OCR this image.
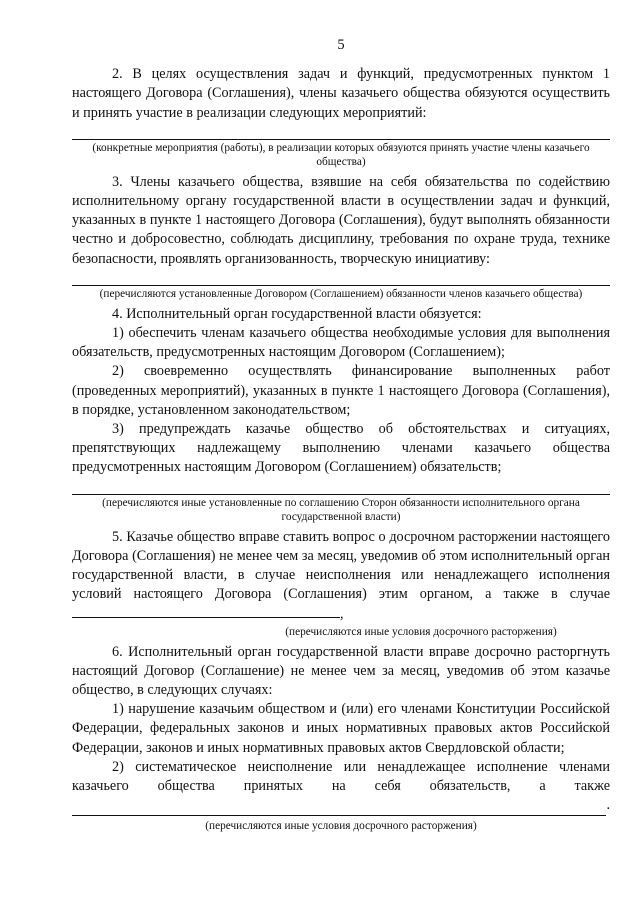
5

2. В целях осуществления задач и функций, предусмотренных пунктом 1 настоящего Договора (Соглашения), члены казачьего общества обязуются осуществить и принять участие в реализации следующих мероприятий:

(конкретные мероприятия (работы), в реализации которых обязуются принять участие члены казачьего общества)

3. Члены казачьего общества, взявшие на себя обязательства по содействию исполнительному органу государственной власти в осуществлении задач и функций, указанных в пункте 1 настоящего Договора (Соглашения), будут выполнять обязанности честно и добросовестно, соблюдать дисциплину, требования по охране труда, технике безопасности, проявлять организованность, творческую инициативу:

(перечисляются установленные Договором (Соглашением) обязанности членов казачьего общества)

4. Исполнительный орган государственной власти обязуется:

1) обеспечить членам казачьего общества необходимые условия для выполнения обязательств, предусмотренных настоящим Договором (Соглашением);

2) своевременно осуществлять финансирование выполненных работ (проведенных мероприятий), указанных в пункте 1 настоящего Договора (Соглашения), в порядке, установленном законодательством;

3) предупреждать казачье общество об обстоятельствах и ситуациях, препятствующих надлежащему выполнению членами казачьего общества предусмотренных настоящим Договором (Соглашением) обязательств;

(перечисляются иные установленные по соглашению Сторон обязанности исполнительного органа государственной власти)

5. Казачье общество вправе ставить вопрос о досрочном расторжении настоящего Договора (Соглашения) не менее чем за месяц, уведомив об этом исполнительный орган государственной власти, в случае неисполнения или ненадлежащего исполнения условий настоящего Договора (Соглашения) этим органом, а также в случае ,

(перечисляются иные условия досрочного расторжения)

6. Исполнительный орган государственной власти вправе досрочно расторгнуть настоящий Договор (Соглашение) не менее чем за месяц, уведомив об этом казачье общество, в следующих случаях:

1) нарушение казачьим обществом и (или) его членами Конституции Российской Федерации, федеральных законов и иных нормативных правовых актов Российской Федерации, законов и иных нормативных правовых актов Свердловской области;

2) систематическое неисполнение или ненадлежащее исполнение членами казачьего общества принятых на себя обязательств, а также

.
(перечисляются иные условия досрочного расторжения)
